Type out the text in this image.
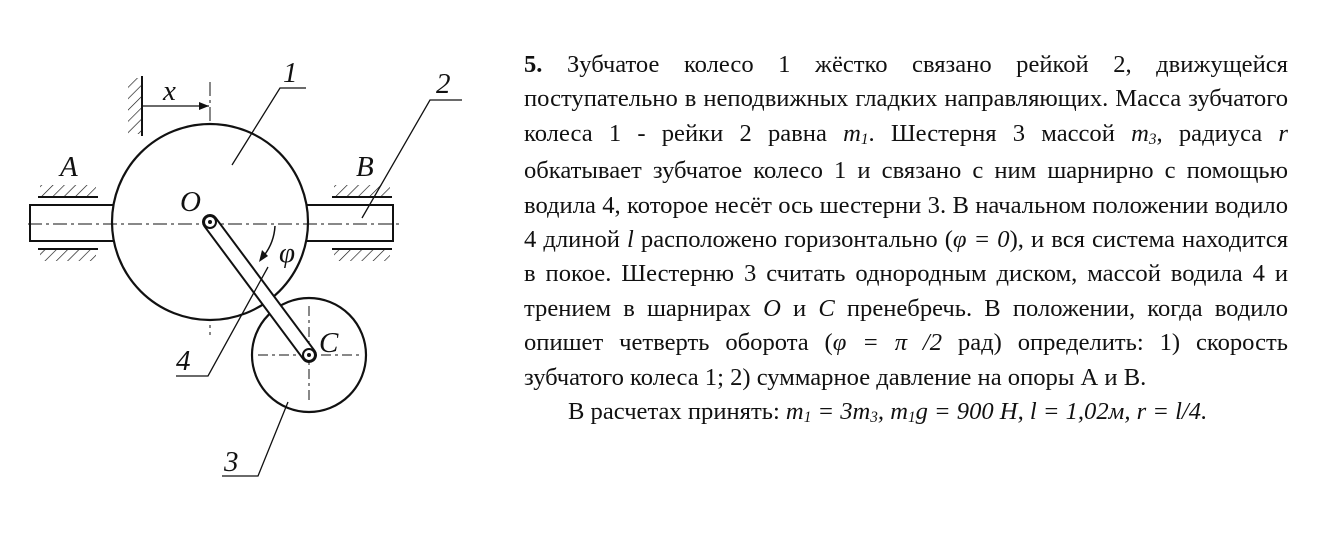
x
1	2
A	B
O
φ
C
4
3

5. Зубчатое колесо 1 жёстко связано рейкой 2, движущейся поступательно в неподвижных гладких направляющих. Масса зубчатого колеса 1 - рейки 2 равна $m_1$. Шестерня 3 массой $m_3$, радиуса r обкатывает зубчатое колесо 1 и связано с ним шарнирно с помощью водила 4, которое несёт ось шестерни 3. В начальном положении водило 4 длиной l расположено горизонтально (φ = 0), и вся система находится в покое. Шестерню 3 считать однородным диском, массой водила 4 и трением в шарнирах O и C пренебречь. В положении, когда водило опишет четверть оборота (φ = π /2 рад) определить: 1) скорость зубчатого колеса 1; 2) суммарное давление на опоры А и В.

В расчетах принять: $m_1 = 3m_3$, $m_1g = 900$ Н, l = 1,02м, r = l/4.
